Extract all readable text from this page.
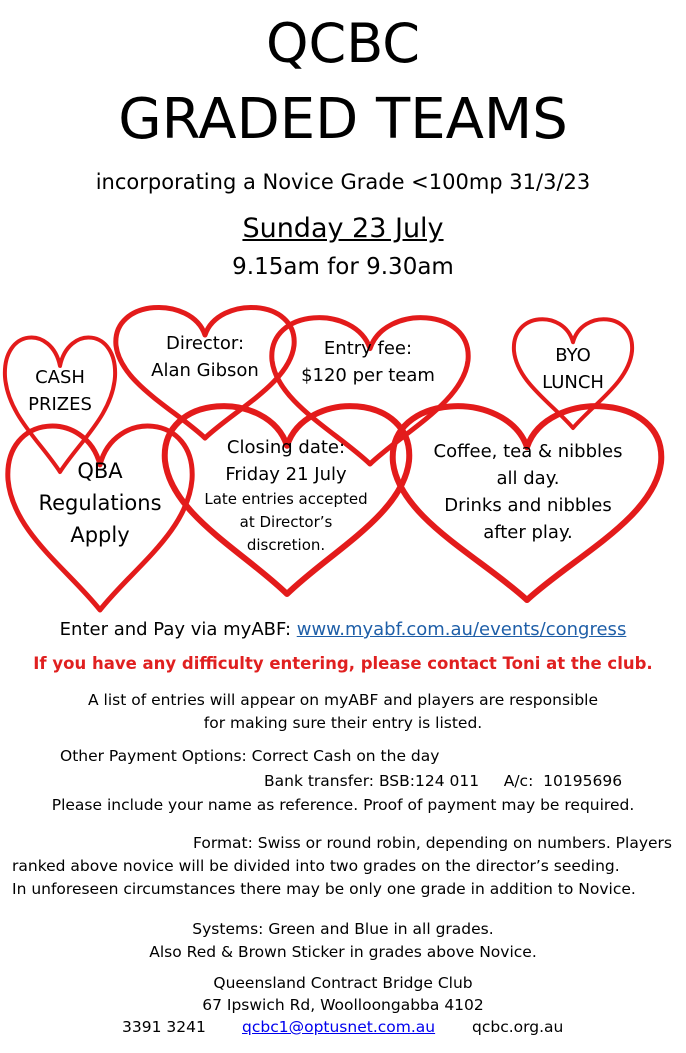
QCBC
GRADED TEAMS
incorporating a Novice Grade <100mp 31/3/23
Sunday 23 July
9.15am for 9.30am
CASH
PRIZES
Director:
Alan Gibson
Entry fee:
$120 per team
BYO
LUNCH
QBA
Regulations
Apply
Closing date:
Friday 21 July
Late entries accepted
at Director’s
discretion.
Coffee, tea & nibbles
all day.
Drinks and nibbles
after play.
Enter and Pay via myABF: www.myabf.com.au/events/congress
If you have any difficulty entering, please contact Toni at the club.
A list of entries will appear on myABF and players are responsible
for making sure their entry is listed.
Other Payment Options: Correct Cash on the day
Bank transfer: BSB:124 011     A/c:  10195696
Please include your name as reference. Proof of payment may be required.
Format: Swiss or round robin, depending on numbers. Players
ranked above novice will be divided into two grades on the director’s seeding.
In unforeseen circumstances there may be only one grade in addition to Novice.
Systems: Green and Blue in all grades.
Also Red & Brown Sticker in grades above Novice.
Queensland Contract Bridge Club
67 Ipswich Rd, Woolloongabba 4102
3391 3241 qcbc1@optusnet.com.au qcbc.org.au
